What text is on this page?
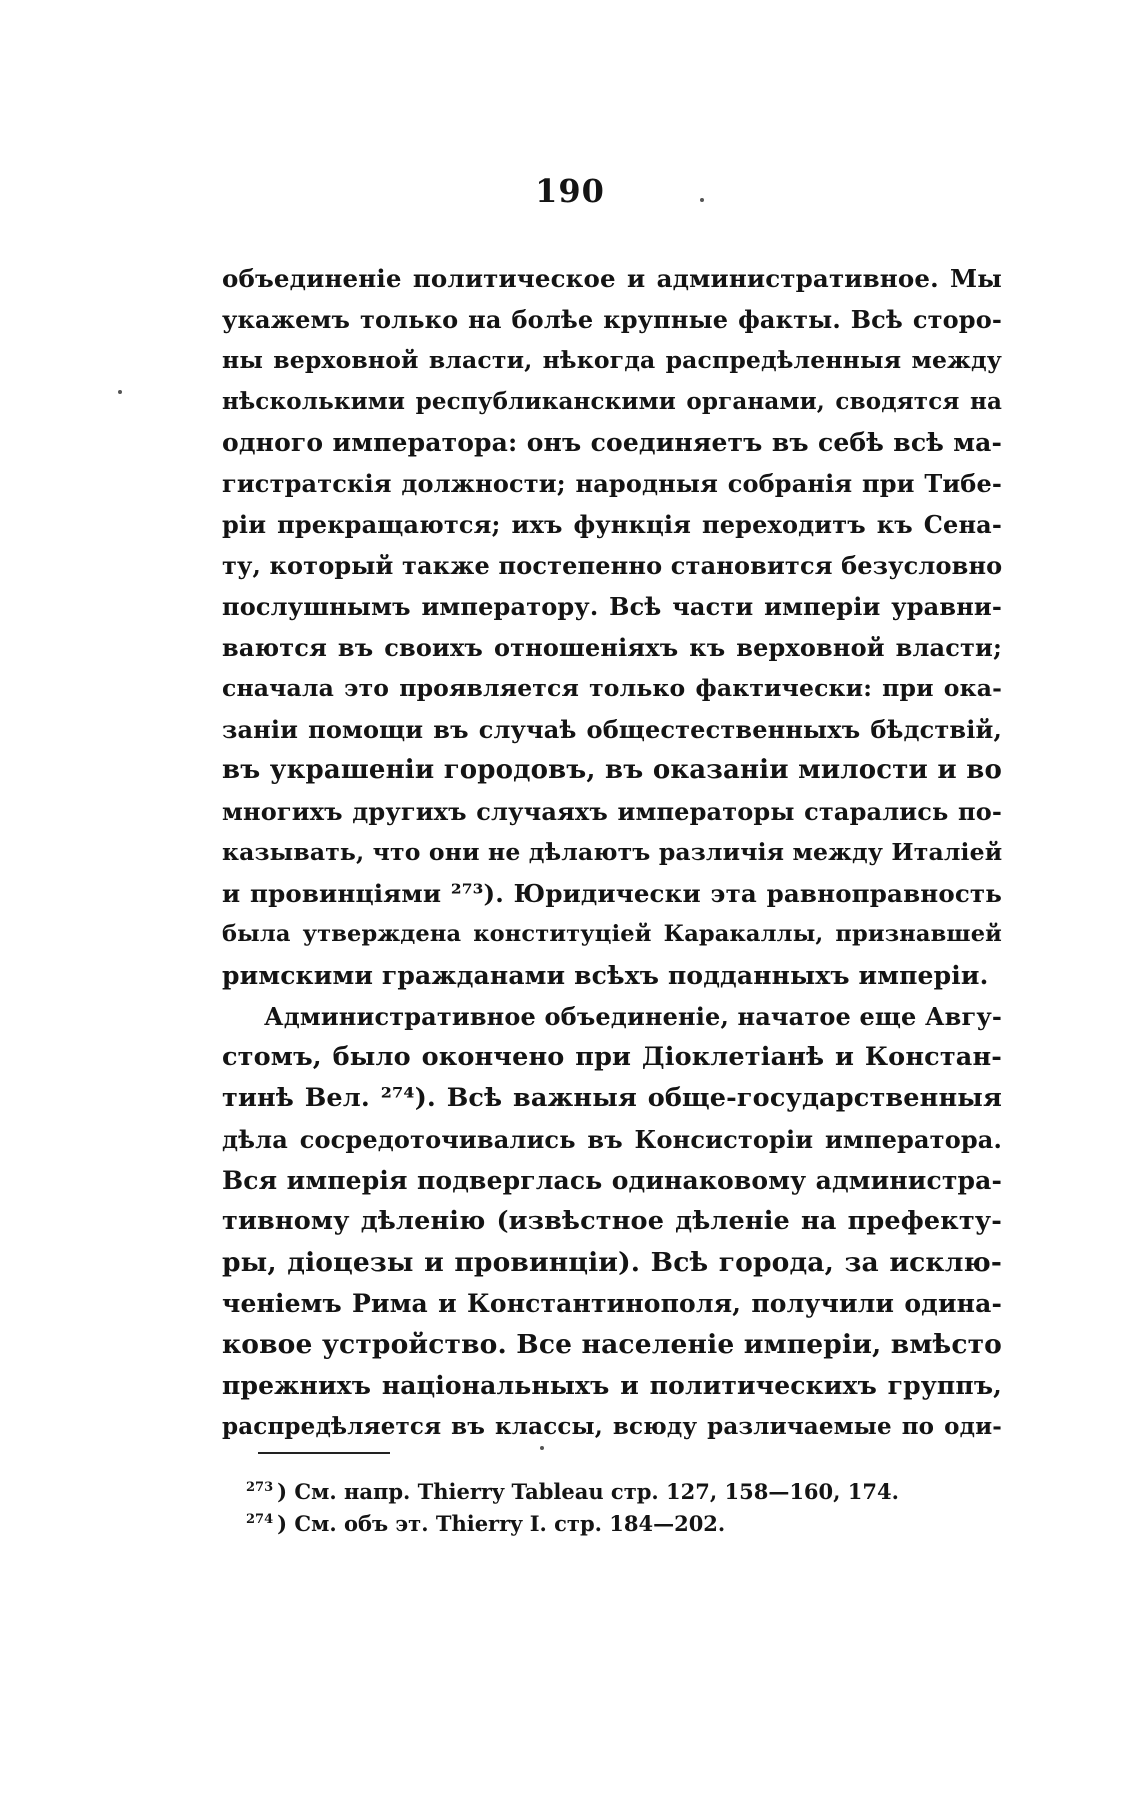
190
объединеніе политическое и административное. Мы
укажемъ только на болѣе крупные факты. Всѣ сторо-
ны верховной власти, нѣкогда распредѣленныя между
нѣсколькими республиканскими органами, сводятся на
одного императора: онъ соединяетъ въ себѣ всѣ ма-
гистратскія должности; народныя собранія при Тибе-
ріи прекращаются; ихъ функція переходитъ къ Сена-
ту, который также постепенно становится безусловно
послушнымъ императору. Всѣ части имперіи уравни-
ваются въ своихъ отношеніяхъ къ верховной власти;
сначала это проявляется только фактически: при ока-
заніи помощи въ случаѣ общестественныхъ бѣдствій,
въ украшеніи городовъ, въ оказаніи милости и во
многихъ другихъ случаяхъ императоры старались по-
казывать, что они не дѣлаютъ различія между Италіей
и провинціями ²⁷³). Юридически эта равноправность
была утверждена конституціей Каракаллы, признавшей
римскими гражданами всѣхъ подданныхъ имперіи.
Административное объединеніе, начатое еще Авгу-
стомъ, было окончено при Діоклетіанѣ и Констан-
тинѣ Вел. ²⁷⁴). Всѣ важныя обще-государственныя
дѣла сосредоточивались въ Консисторіи императора.
Вся имперія подверглась одинаковому администра-
тивному дѣленію (извѣстное дѣленіе на префекту-
ры, діоцезы и провинціи). Всѣ города, за исклю-
ченіемъ Рима и Константинополя, получили одина-
ковое устройство. Все населеніе имперіи, вмѣсто
прежнихъ національныхъ и политическихъ группъ,
распредѣляется въ классы, всюду различаемые по оди-
$^{273}$ ) См. напр. Thierry Tableau стр. 127, 158—160, 174.
$^{274}$ ) См. объ эт. Thierry I. стр. 184—202.
